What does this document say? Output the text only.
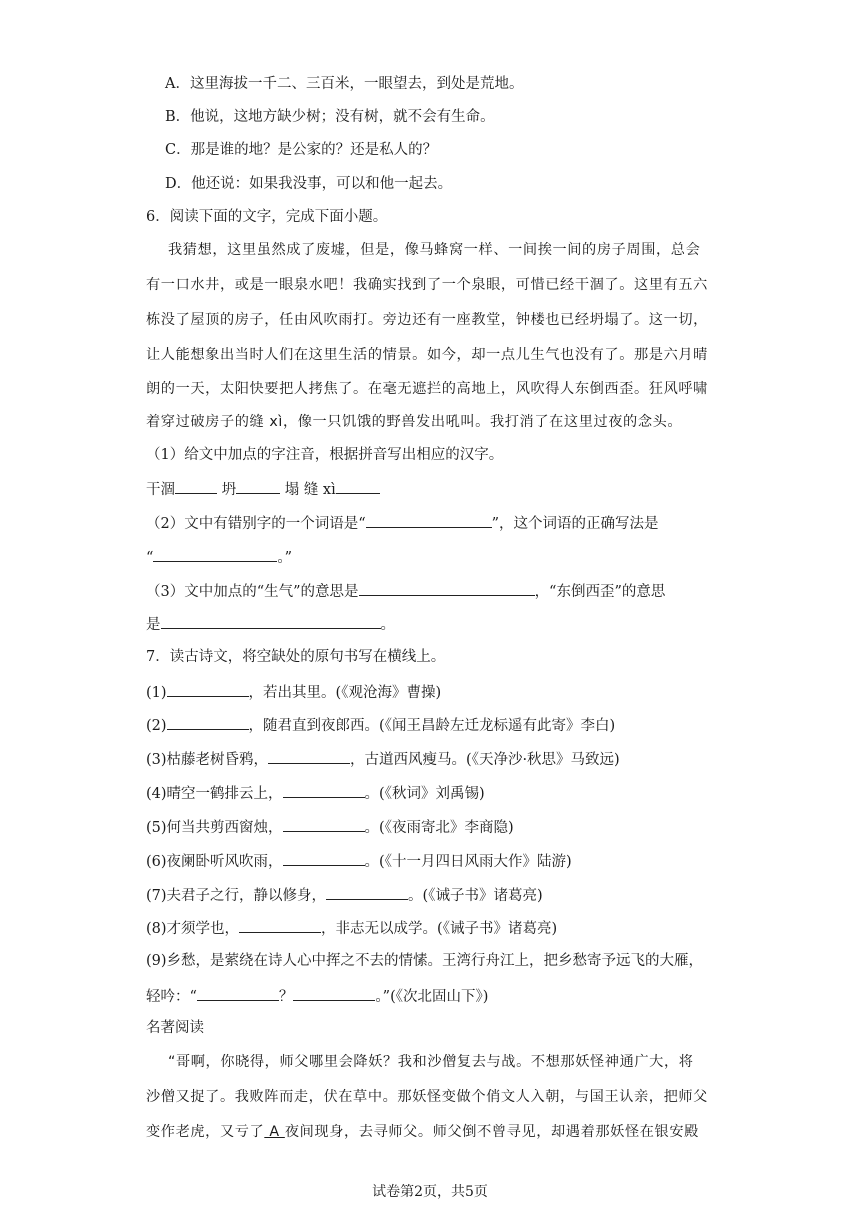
A．这里海拔一千二、三百米，一眼望去，到处是荒地。
B．他说，这地方缺少树；没有树，就不会有生命。
C．那是谁的地？是公家的？还是私人的？
D．他还说：如果我没事，可以和他一起去。
6．阅读下面的文字，完成下面小题。
我猜想，这里虽然成了废墟，但是，像马蜂窝一样、一间挨一间的房子周围，总会
有一口水井，或是一眼泉水吧！我确实找到了一个泉眼，可惜已经干涸了。这里有五六
栋没了屋顶的房子，任由风吹雨打。旁边还有一座教堂，钟楼也已经坍塌了。这一切，
让人能想象出当时人们在这里生活的情景。如今，却一点儿生气也没有了。那是六月晴
朗的一天，太阳快要把人拷焦了。在毫无遮拦的高地上，风吹得人东倒西歪。狂风呼啸
着穿过破房子的缝 xì，像一只饥饿的野兽发出吼叫。我打消了在这里过夜的念头。
（1）给文中加点的字注音，根据拼音写出相应的汉字。
干涸	坍	塌 缝 xì
（2）文中有错别字的一个词语是“	”，这个词语的正确写法是
“	。”
（3）文中加点的“生气”的意思是	，“东倒西歪”的意思
是	。
7．读古诗文，将空缺处的原句书写在横线上。
(1)	，若出其里。(《观沧海》曹操)
(2)	，随君直到夜郎西。(《闻王昌龄左迁龙标遥有此寄》李白)
(3)枯藤老树昏鸦，	，古道西风瘦马。(《天净沙·秋思》马致远)
(4)晴空一鹤排云上，	。(《秋词》刘禹锡)
(5)何当共剪西窗烛，	。(《夜雨寄北》李商隐)
(6)夜阑卧听风吹雨，	。(《十一月四日风雨大作》陆游)
(7)夫君子之行，静以修身，	。(《诫子书》诸葛亮)
(8)才须学也，	，非志无以成学。(《诫子书》诸葛亮)
(9)乡愁，是萦绕在诗人心中挥之不去的情愫。王湾行舟江上，把乡愁寄予远飞的大雁，
轻吟：“	？	。”(《次北固山下》)
名著阅读
“哥啊，你晓得，师父哪里会降妖？我和沙僧复去与战。不想那妖怪神通广大，将
沙僧又捉了。我败阵而走，伏在草中。那妖怪变做个俏文人入朝，与国王认亲，把师父
变作老虎，又亏了 A 夜间现身，去寻师父。师父倒不曾寻见，却遇着那妖怪在银安殿
试卷第2页，共5页
